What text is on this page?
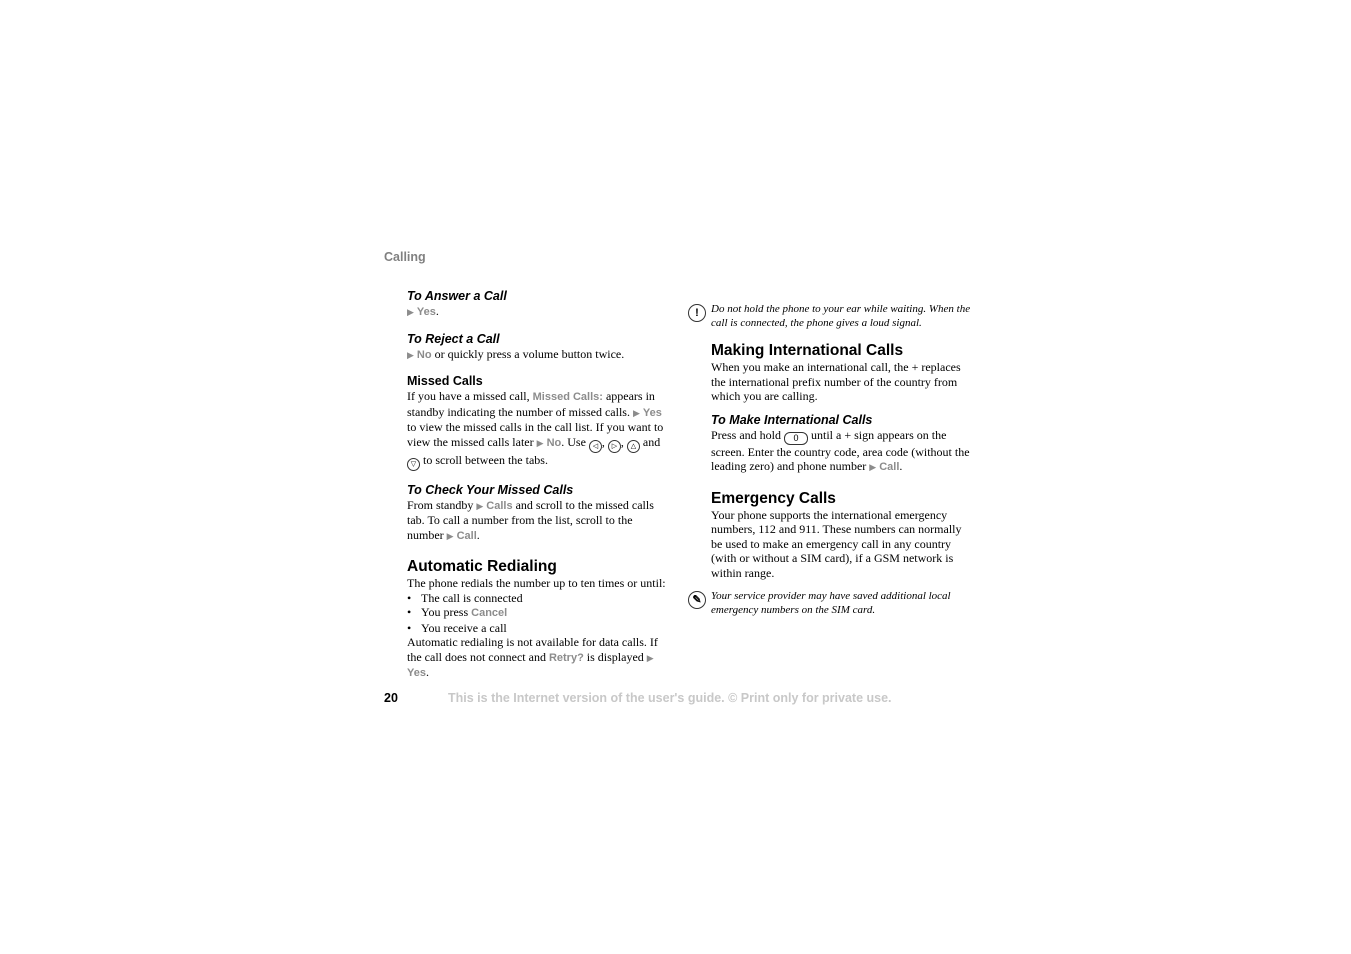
Calling
To Answer a Call

▶ Yes.

To Reject a Call

▶ No or quickly press a volume button twice.

Missed Calls

If you have a missed call, Missed Calls: appears in standby indicating the number of missed calls. ▶ Yes to view the missed calls in the call list. If you want to view the missed calls later ▶ No. Use ◁ , ▷ , △ and ▽ to scroll between the tabs.

To Check Your Missed Calls

From standby ▶ Calls and scroll to the missed calls tab. To call a number from the list, scroll to the number ▶ Call.

Automatic Redialing

The phone redials the number up to ten times or until:

• The call is connected
• You press Cancel
• You receive a call

Automatic redialing is not available for data calls. If the call does not connect and Retry? is displayed ▶ Yes.

!	Do not hold the phone to your ear while waiting. When the call is connected, the phone gives a loud signal.
Making International Calls

When you make an international call, the + replaces the international prefix number of the country from which you are calling.

To Make International Calls

Press and hold 0 until a + sign appears on the screen. Enter the country code, area code (without the leading zero) and phone number ▶ Call.

Emergency Calls

Your phone supports the international emergency numbers, 112 and 911. These numbers can normally be used to make an emergency call in any country (with or without a SIM card), if a GSM network is within range.

✎ Your service provider may have saved additional local emergency numbers on the SIM card.
20	This is the Internet version of the user's guide. © Print only for private use.
